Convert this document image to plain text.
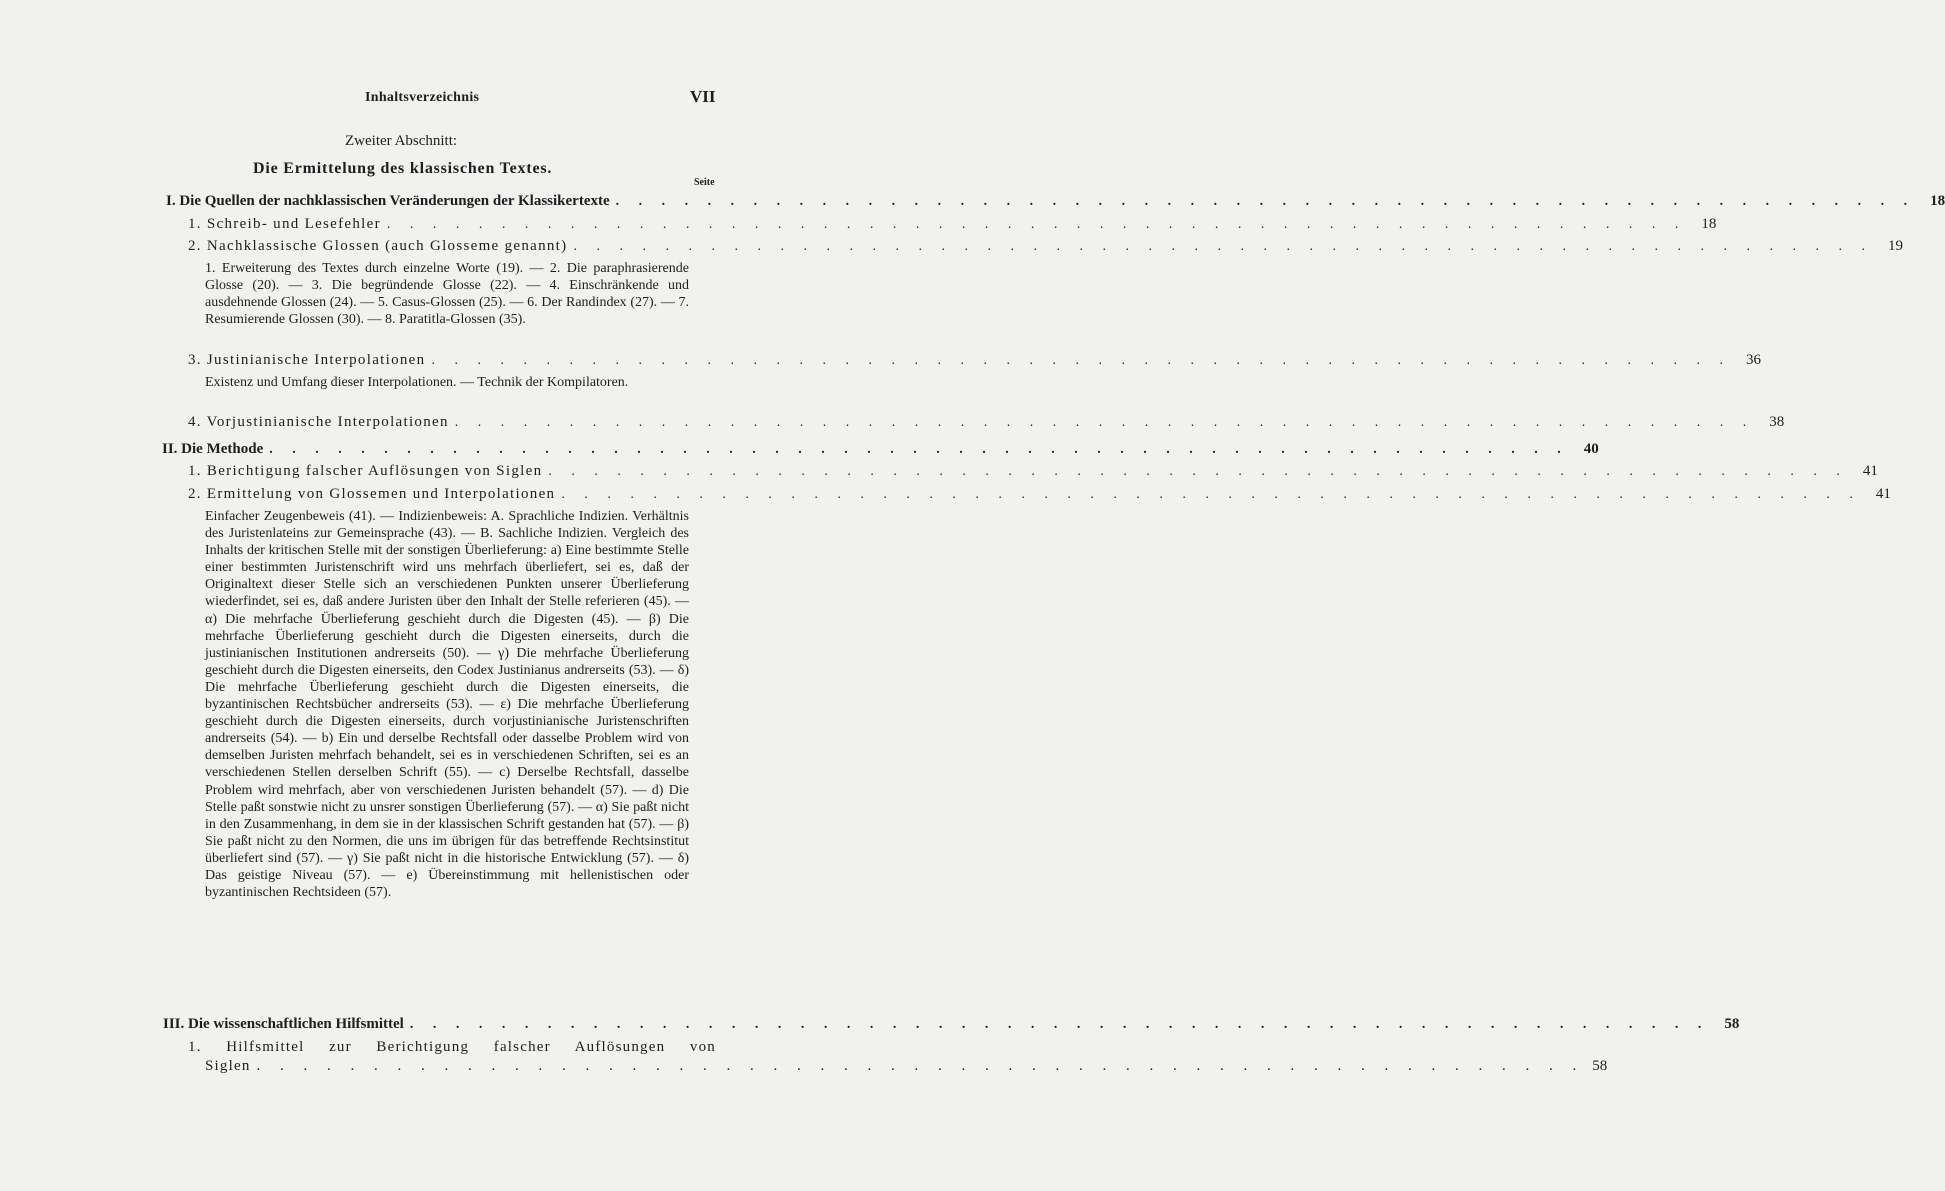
Inhaltsverzeichnis	VII
Zweiter Abschnitt:
Die Ermittelung des klassischen Textes.
Seite
I. Die Quellen der nachklassischen Veränderungen der Klassikertexte . . . . . . . . . . . . . . . . . . . . . . . . . . . . . . . . . . . . . . . . . . . . . . . . . . . . . . . . .	18
1. Schreib- und Lesefehler . . . . . . . . . . . . . . . . . . . . . . . . . . . . . . . . . . . . . . . . . . . . . . . . . . . . . . . . .	18
2. Nachklassische Glossen (auch Glosseme genannt) . . . . . . . . . . . . . . . . . . . . . . . . . . . . . . . . . . . . . . . . . . . . . . . . . . . . . . . . .	19
1. Erweiterung des Textes durch einzelne Worte (19). — 2. Die paraphrasierende Glosse (20). — 3. Die begründende Glosse (22). — 4. Einschränkende und ausdehnende Glossen (24). — 5. Casus-Glossen (25). — 6. Der Randindex (27). — 7. Resumierende Glossen (30). — 8. Paratitla-Glossen (35).
3. Justinianische Interpolationen . . . . . . . . . . . . . . . . . . . . . . . . . . . . . . . . . . . . . . . . . . . . . . . . . . . . . . . . .	36
Existenz und Umfang dieser Interpolationen. — Technik der Kompilatoren.
4. Vorjustinianische Interpolationen . . . . . . . . . . . . . . . . . . . . . . . . . . . . . . . . . . . . . . . . . . . . . . . . . . . . . . . . .	38
II. Die Methode . . . . . . . . . . . . . . . . . . . . . . . . . . . . . . . . . . . . . . . . . . . . . . . . . . . . . . . . .	40
1. Berichtigung falscher Auflösungen von Siglen . . . . . . . . . . . . . . . . . . . . . . . . . . . . . . . . . . . . . . . . . . . . . . . . . . . . . . . . .	41
2. Ermittelung von Glossemen und Interpolationen . . . . . . . . . . . . . . . . . . . . . . . . . . . . . . . . . . . . . . . . . . . . . . . . . . . . . . . . .	41
Einfacher Zeugenbeweis (41). — Indizienbeweis: A. Sprachliche Indizien. Verhältnis des Juristenlateins zur Gemeinsprache (43). — B. Sachliche Indizien. Vergleich des Inhalts der kritischen Stelle mit der sonstigen Überlieferung: a) Eine bestimmte Stelle einer bestimmten Juristenschrift wird uns mehrfach überliefert, sei es, daß der Originaltext dieser Stelle sich an verschiedenen Punkten unserer Überlieferung wiederfindet, sei es, daß andere Juristen über den Inhalt der Stelle referieren (45). — α) Die mehrfache Überlieferung geschieht durch die Digesten (45). — β) Die mehrfache Überlieferung geschieht durch die Digesten einerseits, durch die justinianischen Institutionen andrerseits (50). — γ) Die mehrfache Überlieferung geschieht durch die Digesten einerseits, den Codex Justinianus andrerseits (53). — δ) Die mehrfache Überlieferung geschieht durch die Digesten einerseits, die byzantinischen Rechtsbücher andrerseits (53). — ε) Die mehrfache Überlieferung geschieht durch die Digesten einerseits, durch vorjustinianische Juristenschriften andrerseits (54). — b) Ein und derselbe Rechtsfall oder dasselbe Problem wird von demselben Juristen mehrfach behandelt, sei es in verschiedenen Schriften, sei es an verschiedenen Stellen derselben Schrift (55). — c) Derselbe Rechtsfall, dasselbe Problem wird mehrfach, aber von verschiedenen Juristen behandelt (57). — d) Die Stelle paßt sonstwie nicht zu unsrer sonstigen Überlieferung (57). — α) Sie paßt nicht in den Zusammenhang, in dem sie in der klassischen Schrift gestanden hat (57). — β) Sie paßt nicht zu den Normen, die uns im übrigen für das betreffende Rechtsinstitut überliefert sind (57). — γ) Sie paßt nicht in die historische Entwicklung (57). — δ) Das geistige Niveau (57). — e) Übereinstimmung mit hellenistischen oder byzantinischen Rechtsideen (57).
III. Die wissenschaftlichen Hilfsmittel . . . . . . . . . . . . . . . . . . . . . . . . . . . . . . . . . . . . . . . . . . . . . . . . . . . . . . . . .	58
1. Hilfsmittel zur Berichtigung falscher Auflösungen von
Siglen . . . . . . . . . . . . . . . . . . . . . . . . . . . . . . . . . . . . . . . . . . . . . . . . . . . . . . . . . 58
